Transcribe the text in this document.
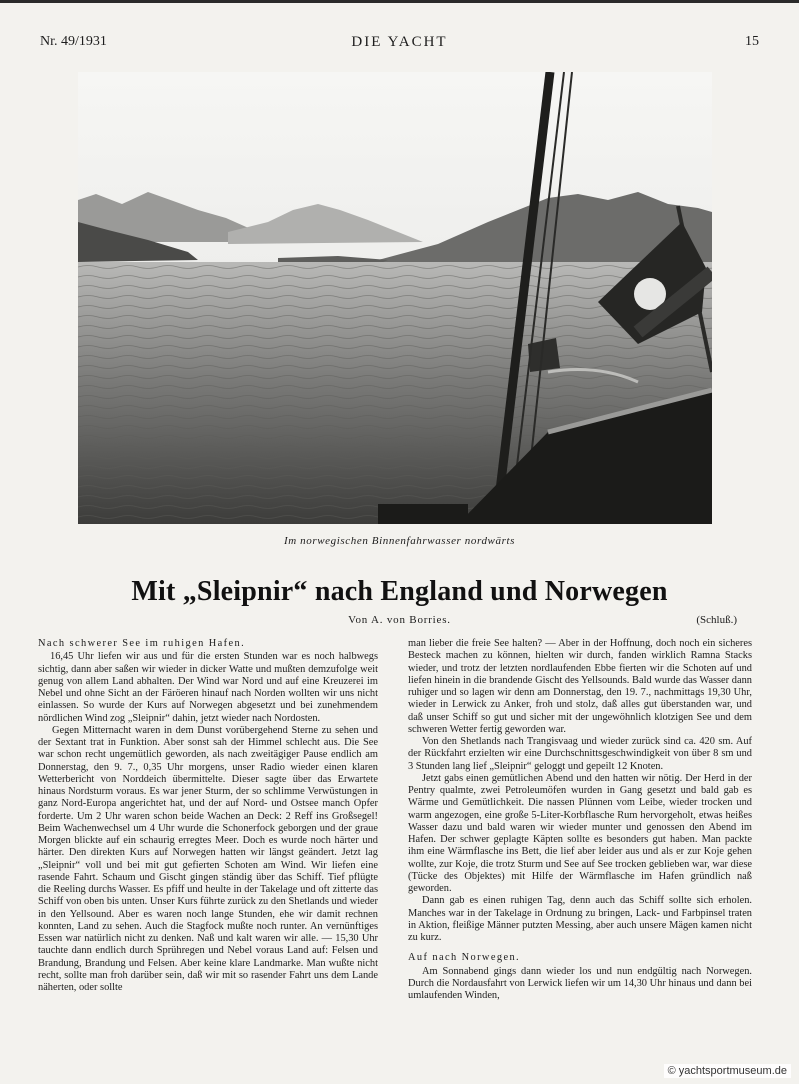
Nr. 49/1931	DIE YACHT	15
Im norwegischen Binnenfahrwasser nordwärts
Mit „Sleipnir“ nach England und Norwegen
Von A. von Borries.	(Schluß.)

Nach schwerer See im ruhigen Hafen.

16,45 Uhr liefen wir aus und für die ersten Stunden war es noch halbwegs sichtig, dann aber saßen wir wieder in dicker Watte und mußten demzufolge weit genug von allem Land abhalten. Der Wind war Nord und auf eine Kreuzerei im Nebel und ohne Sicht an der Färöeren hinauf nach Norden wollten wir uns nicht einlassen. So wurde der Kurs auf Norwegen abgesetzt und bei zunehmendem nördlichen Wind zog „Sleipnir“ dahin, jetzt wieder nach Nordosten.

Gegen Mitternacht waren in dem Dunst vorübergehend Sterne zu sehen und der Sextant trat in Funktion. Aber sonst sah der Himmel schlecht aus. Die See war schon recht ungemütlich geworden, als nach zweitägiger Pause endlich am Donnerstag, den 9. 7., 0,35 Uhr morgens, unser Radio wieder einen klaren Wetterbericht von Norddeich übermittelte. Dieser sagte über das Erwartete hinaus Nordsturm voraus. Es war jener Sturm, der so schlimme Verwüstungen in ganz Nord-Europa angerichtet hat, und der auf Nord- und Ostsee manch Opfer forderte. Um 2 Uhr waren schon beide Wachen an Deck: 2 Reff ins Großsegel! Beim Wachenwechsel um 4 Uhr wurde die Schonerfock geborgen und der graue Morgen blickte auf ein schaurig erregtes Meer. Doch es wurde noch härter und härter. Den direkten Kurs auf Norwegen hatten wir längst geändert. Jetzt lag „Sleipnir“ voll und bei mit gut gefierten Schoten am Wind. Wir liefen eine rasende Fahrt. Schaum und Gischt gingen ständig über das Schiff. Tief pflügte die Reeling durchs Wasser. Es pfiff und heulte in der Takelage und oft zitterte das Schiff von oben bis unten. Unser Kurs führte zurück zu den Shetlands und wieder in den Yellsound. Aber es waren noch lange Stunden, ehe wir damit rechnen konnten, Land zu sehen. Auch die Stagfock mußte noch runter. An vernünftiges Essen war natürlich nicht zu denken. Naß und kalt waren wir alle. — 15,30 Uhr tauchte dann endlich durch Sprühregen und Nebel voraus Land auf: Felsen und Brandung, Brandung und Felsen. Aber keine klare Landmarke. Man wußte nicht recht, sollte man froh darüber sein, daß wir mit so rasender Fahrt uns dem Lande näherten, oder sollte

man lieber die freie See halten? — Aber in der Hoffnung, doch noch ein sicheres Besteck machen zu können, hielten wir durch, fanden wirklich Ramna Stacks wieder, und trotz der letzten nordlaufenden Ebbe fierten wir die Schoten auf und liefen hinein in die brandende Gischt des Yellsounds. Bald wurde das Wasser dann ruhiger und so lagen wir denn am Donnerstag, den 19. 7., nachmittags 19,30 Uhr, wieder in Lerwick zu Anker, froh und stolz, daß alles gut überstanden war, und daß unser Schiff so gut und sicher mit der ungewöhnlich klotzigen See und dem schweren Wetter fertig geworden war.

Von den Shetlands nach Trangisvaag und wieder zurück sind ca. 420 sm. Auf der Rückfahrt erzielten wir eine Durchschnittsgeschwindigkeit von über 8 sm und 3 Stunden lang lief „Sleipnir“ geloggt und gepeilt 12 Knoten.

Jetzt gabs einen gemütlichen Abend und den hatten wir nötig. Der Herd in der Pentry qualmte, zwei Petroleumöfen wurden in Gang gesetzt und bald gab es Wärme und Gemütlichkeit. Die nassen Plünnen vom Leibe, wieder trocken und warm angezogen, eine große 5-Liter-Korbflasche Rum hervorgeholt, etwas heißes Wasser dazu und bald waren wir wieder munter und genossen den Abend im Hafen. Der schwer geplagte Käpten sollte es besonders gut haben. Man packte ihm eine Wärmflasche ins Bett, die lief aber leider aus und als er zur Koje gehen wollte, zur Koje, die trotz Sturm und See auf See trocken geblieben war, war diese (Tücke des Objektes) mit Hilfe der Wärmflasche im Hafen gründlich naß geworden.

Dann gab es einen ruhigen Tag, denn auch das Schiff sollte sich erholen. Manches war in der Takelage in Ordnung zu bringen, Lack- und Farbpinsel traten in Aktion, fleißige Männer putzten Messing, aber auch unsere Mägen kamen nicht zu kurz.

Auf nach Norwegen.

Am Sonnabend gings dann wieder los und nun endgültig nach Norwegen. Durch die Nordausfahrt von Lerwick liefen wir um 14,30 Uhr hinaus und dann bei umlaufenden Winden,

© yachtsportmuseum.de
